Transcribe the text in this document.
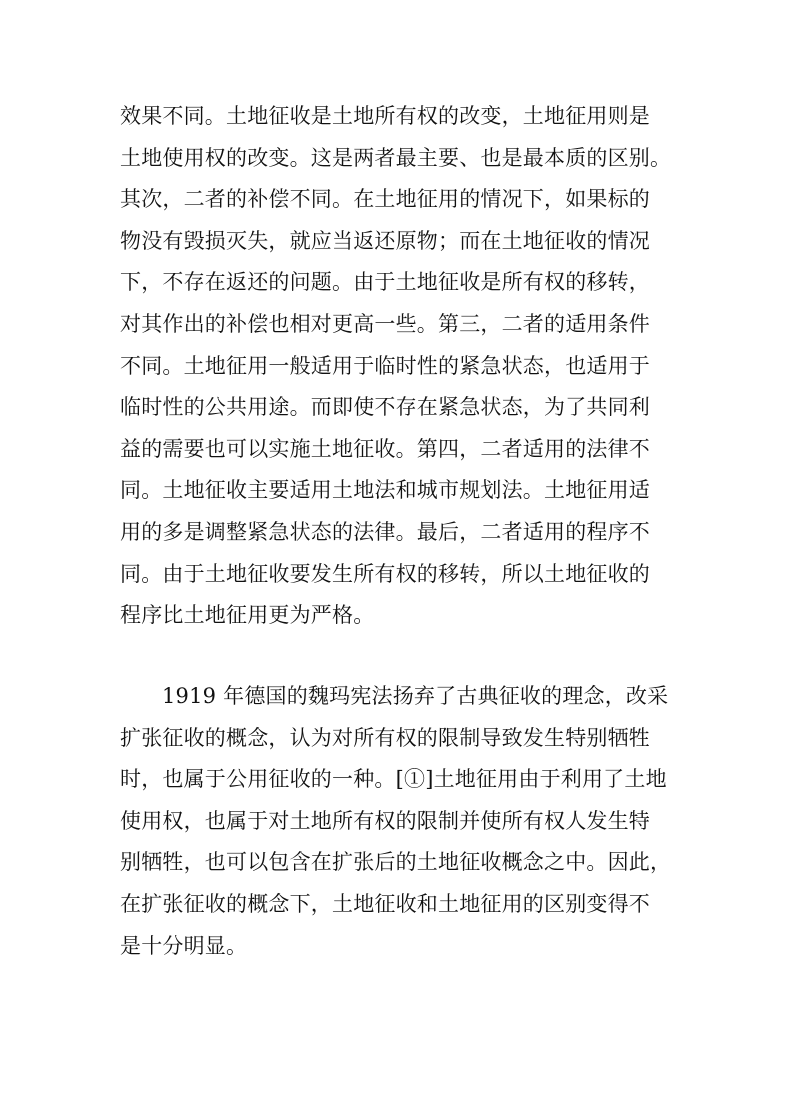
效果不同。土地征收是土地所有权的改变，土地征用则是
土地使用权的改变。这是两者最主要、也是最本质的区别。
其次，二者的补偿不同。在土地征用的情况下，如果标的
物没有毁损灭失，就应当返还原物；而在土地征收的情况
下，不存在返还的问题。由于土地征收是所有权的移转，
对其作出的补偿也相对更高一些。第三，二者的适用条件
不同。土地征用一般适用于临时性的紧急状态，也适用于
临时性的公共用途。而即使不存在紧急状态，为了共同利
益的需要也可以实施土地征收。第四，二者适用的法律不
同。土地征收主要适用土地法和城市规划法。土地征用适
用的多是调整紧急状态的法律。最后，二者适用的程序不
同。由于土地征收要发生所有权的移转，所以土地征收的
程序比土地征用更为严格。

1919 年德国的魏玛宪法扬弃了古典征收的理念，改采
扩张征收的概念，认为对所有权的限制导致发生特别牺牲
时，也属于公用征收的一种。[①]土地征用由于利用了土地
使用权，也属于对土地所有权的限制并使所有权人发生特
别牺牲，也可以包含在扩张后的土地征收概念之中。因此，
在扩张征收的概念下，土地征收和土地征用的区别变得不
是十分明显。
